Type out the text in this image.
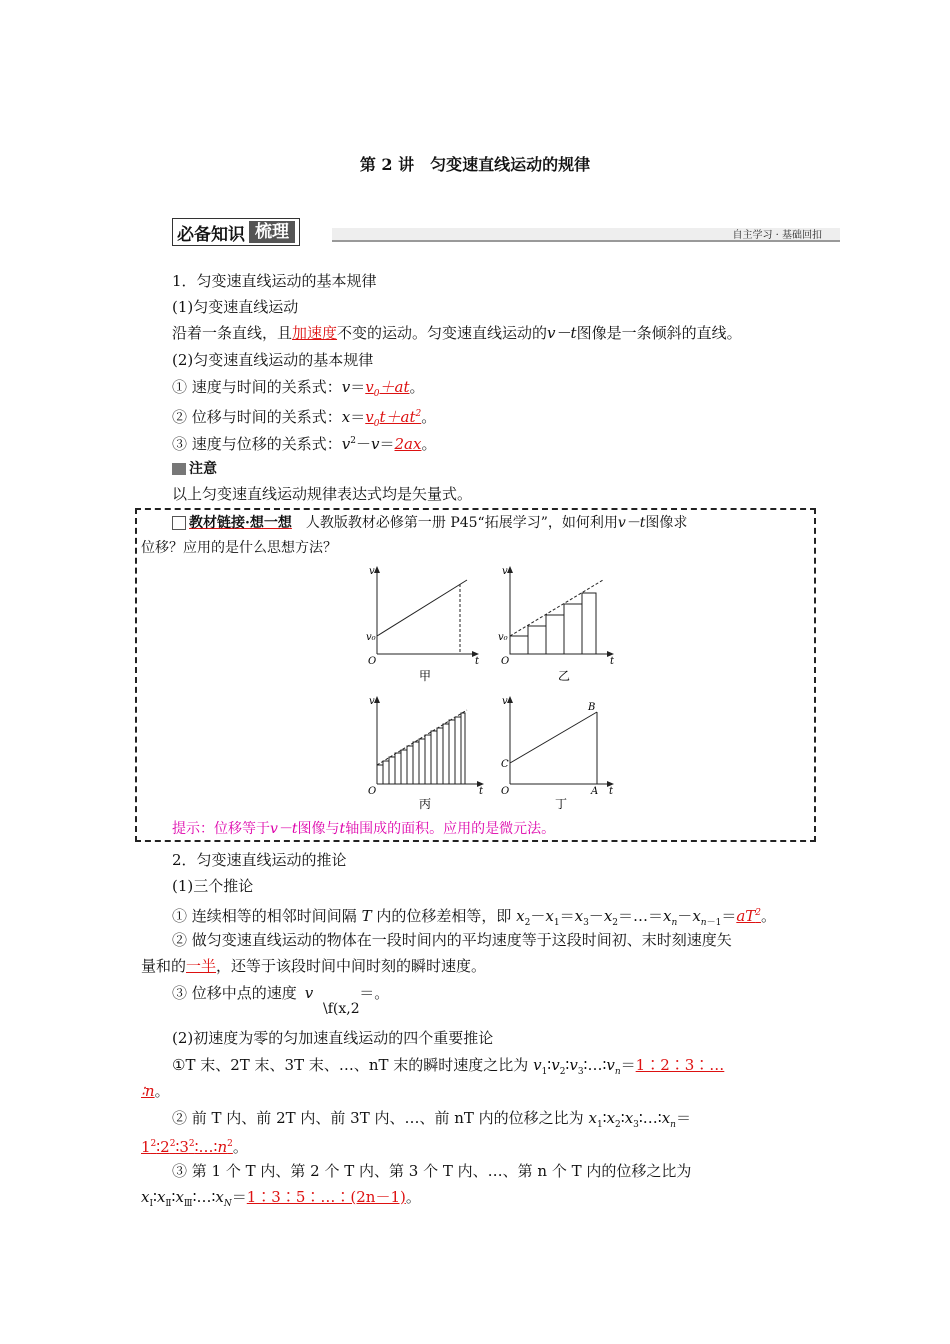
第 2 讲　匀变速直线运动的规律
必备知识 梳理	自主学习 · 基础回扣
1．匀变速直线运动的基本规律
(1)匀变速直线运动
沿着一条直线，且加速度不变的运动。匀变速直线运动的v－t图像是一条倾斜的直线。
(2)匀变速直线运动的基本规律
① 速度与时间的关系式：$v=v_0+at$。
② 位移与时间的关系式：$x=v_0t+at^2$。
③ 速度与位移的关系式：$v^2-v=2ax$。
注意
以上匀变速直线运动规律表达式均是矢量式。
教材链接·想一想　 人教版教材必修第一册 P45“拓展学习”，如何利用v－t图像求
位移？应用的是什么思想方法？
v
v₀
O	t
甲
v
v₀
O	t
乙
v
O	t
丙
v
C
B
O	A t
丁
提示：位移等于v－t图像与t轴围成的面积。应用的是微元法。
2．匀变速直线运动的推论
(1)三个推论
① 连续相等的相邻时间间隔 T 内的位移差相等，即 $x_2-x_1=x_3-x_2=\dots=x_n-x_{n-1}=aT^2$。
② 做匀变速直线运动的物体在一段时间内的平均速度等于这段时间初、末时刻速度矢
量和的一半，还等于该段时间中间时刻的瞬时速度。
③ 位移中点的速度 v	＝。
\f(x,2
(2)初速度为零的匀加速直线运动的四个重要推论
①T 末、2T 末、3T 末、…、nT 末的瞬时速度之比为 $v_1∶v_2∶v_3∶\dots∶v_n=1∶2∶3∶\dots$
∶n。
② 前 T 内、前 2T 内、前 3T 内、…、前 nT 内的位移之比为 $x_1∶x_2∶x_3∶\dots∶x_n=$
$1^2∶2^2∶3^2∶\dots∶n^2$。
③ 第 1 个 T 内、第 2 个 T 内、第 3 个 T 内、…、第 n 个 T 内的位移之比为
$x_Ⅰ∶x_Ⅱ∶x_Ⅲ∶\dots∶x_N=1∶3∶5∶\dots∶(2n-1)$。
